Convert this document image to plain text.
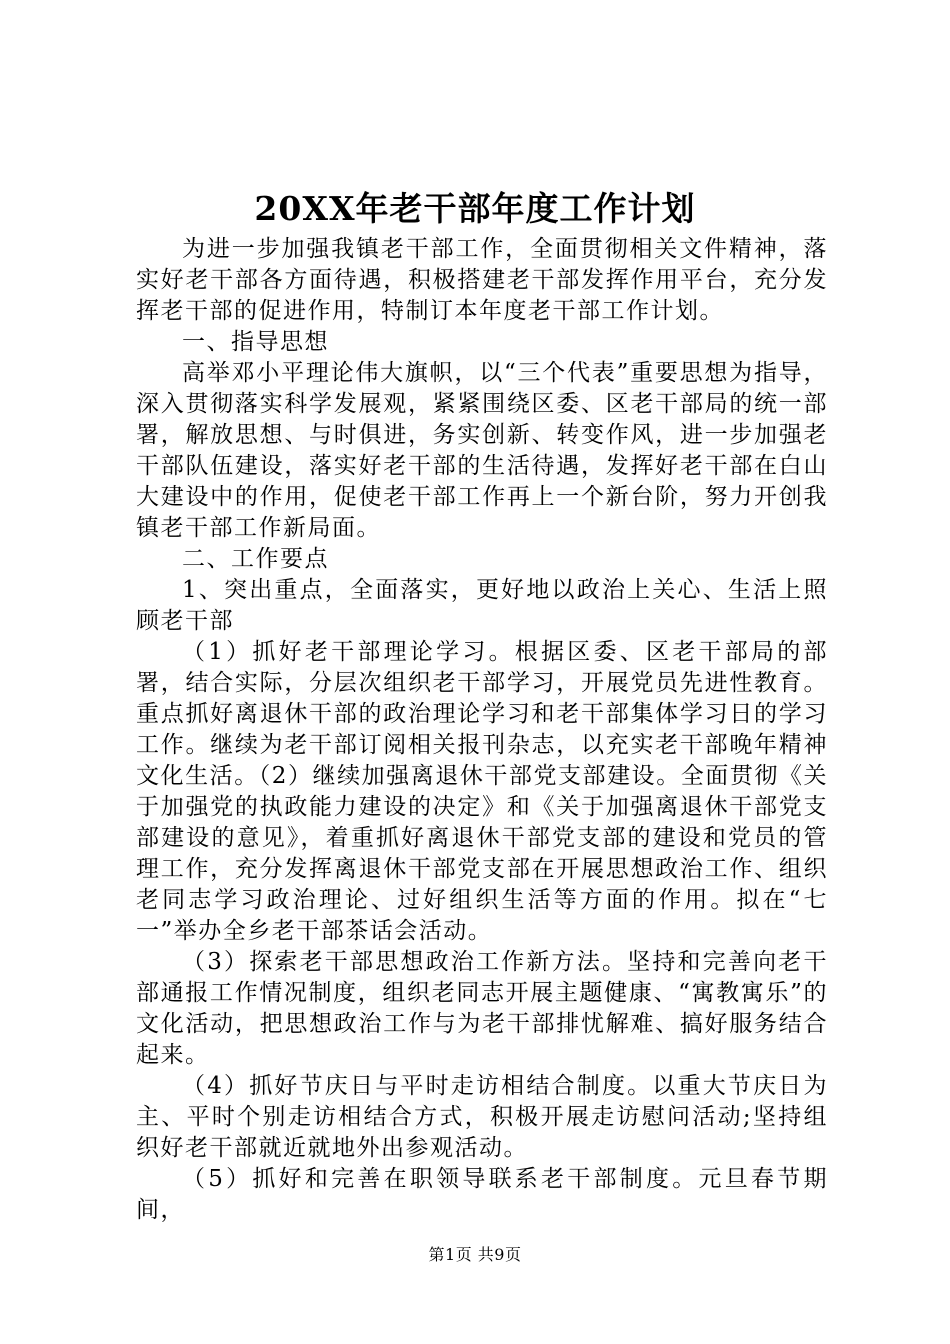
20XX年老干部年度工作计划

为进一步加强我镇老干部工作，全面贯彻相关文件精神，落实好老干部各方面待遇，积极搭建老干部发挥作用平台，充分发挥老干部的促进作用，特制订本年度老干部工作计划。

一、指导思想

高举邓小平理论伟大旗帜，以“三个代表”重要思想为指导，深入贯彻落实科学发展观，紧紧围绕区委、区老干部局的统一部署，解放思想、与时俱进，务实创新、转变作风，进一步加强老干部队伍建设，落实好老干部的生活待遇，发挥好老干部在白山大建设中的作用，促使老干部工作再上一个新台阶，努力开创我镇老干部工作新局面。

二、工作要点

1、突出重点，全面落实，更好地以政治上关心、生活上照顾老干部

（1）抓好老干部理论学习。根据区委、区老干部局的部署，结合实际，分层次组织老干部学习，开展党员先进性教育。重点抓好离退休干部的政治理论学习和老干部集体学习日的学习工作。继续为老干部订阅相关报刊杂志，以充实老干部晚年精神文化生活。（2）继续加强离退休干部党支部建设。全面贯彻《关于加强党的执政能力建设的决定》和《关于加强离退休干部党支部建设的意见》，着重抓好离退休干部党支部的建设和党员的管理工作，充分发挥离退休干部党支部在开展思想政治工作、组织老同志学习政治理论、过好组织生活等方面的作用。拟在“七一”举办全乡老干部茶话会活动。

（3）探索老干部思想政治工作新方法。坚持和完善向老干部通报工作情况制度，组织老同志开展主题健康、“寓教寓乐”的文化活动，把思想政治工作与为老干部排忧解难、搞好服务结合起来。

（4）抓好节庆日与平时走访相结合制度。以重大节庆日为主、平时个别走访相结合方式，积极开展走访慰问活动;坚持组织好老干部就近就地外出参观活动。

（5）抓好和完善在职领导联系老干部制度。元旦春节期间，

第1页 共9页
